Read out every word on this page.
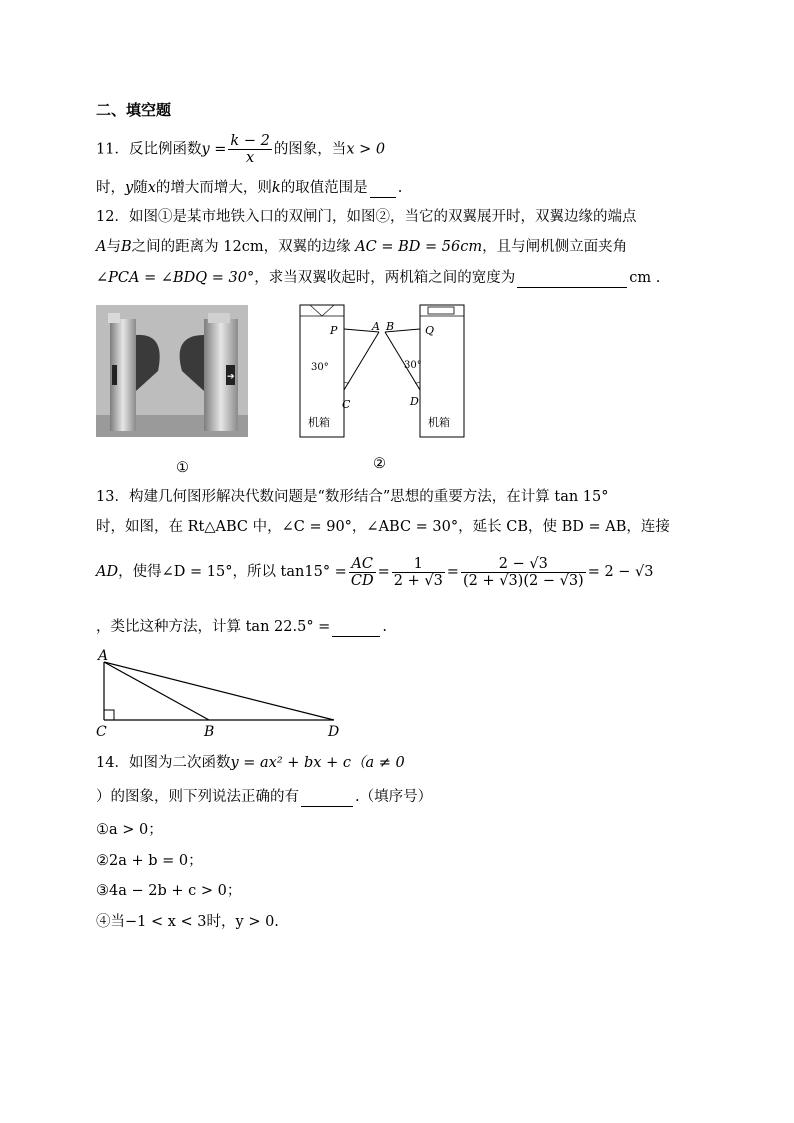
二、填空题
11．反比例函数$y = \frac{k - 2}{x}$ 的图象，当x > 0
时，y随x的增大而增大，则k的取值范围是 .
12．如图①是某市地铁入口的双闸门，如图②，当它的双翼展开时，双翼边缘的端点
A与B之间的距离为 12cm，双翼的边缘 AC = BD = 56cm，且与闸机侧立面夹角
∠PCA = ∠BDQ = 30°，求当双翼收起时，两机箱之间的宽度为	cm .
➔
①
P	A
C
30°
B	Q
D
30°
机箱	机箱
②
13．构建几何图形解决代数问题是“数形结合”思想的重要方法，在计算 tan 15°
时，如图，在 Rt△ABC 中，∠C = 90°，∠ABC = 30°，延长 CB，使 BD = AB，连接
AD，使得∠D = 15°，所以 $\tan 15^\circ = \frac{AC}{CD} = \frac{1}{2 + √3} = \frac{2 - √3}{(2 + √3)(2 - √3)} = 2 - √3$
，类比这种方法，计算 tan 22.5° =	.
A
C	B	D
14．如图为二次函数y = ax² + bx + c（a ≠ 0
）的图象，则下列说法正确的有	.（填序号）
①a > 0；
②2a + b = 0；
③4a − 2b + c > 0；
④当−1 < x < 3时，y > 0.
